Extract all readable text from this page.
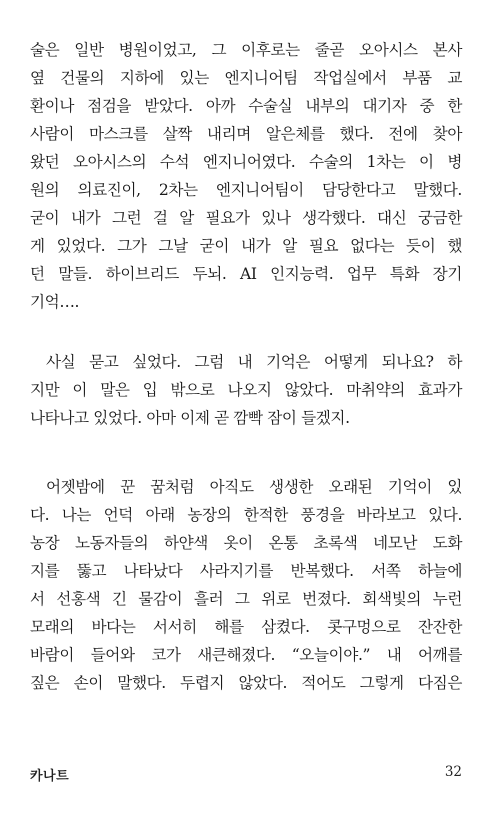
술은 일반 병원이었고, 그 이후로는 줄곧 오아시스 본사
옆 건물의 지하에 있는 엔지니어팀 작업실에서 부품 교
환이나 점검을 받았다. 아까 수술실 내부의 대기자 중 한
사람이 마스크를 살짝 내리며 알은체를 했다. 전에 찾아
왔던 오아시스의 수석 엔지니어였다. 수술의 1차는 이 병
원의 의료진이, 2차는 엔지니어팀이 담당한다고 말했다.
굳이 내가 그런 걸 알 필요가 있나 생각했다. 대신 궁금한
게 있었다. 그가 그날 굳이 내가 알 필요 없다는 듯이 했
던 말들. 하이브리드 두뇌. AI 인지능력. 업무 특화 장기
기억….
사실 묻고 싶었다. 그럼 내 기억은 어떻게 되나요? 하
지만 이 말은 입 밖으로 나오지 않았다. 마취약의 효과가
나타나고 있었다. 아마 이제 곧 깜빡 잠이 들겠지.
어젯밤에 꾼 꿈처럼 아직도 생생한 오래된 기억이 있
다. 나는 언덕 아래 농장의 한적한 풍경을 바라보고 있다.
농장 노동자들의 하얀색 옷이 온통 초록색 네모난 도화
지를 뚫고 나타났다 사라지기를 반복했다. 서쪽 하늘에
서 선홍색 긴 물감이 흘러 그 위로 번졌다. 회색빛의 누런
모래의 바다는 서서히 해를 삼켰다. 콧구멍으로 잔잔한
바람이 들어와 코가 새큰해졌다. “오늘이야.” 내 어깨를
짚은 손이 말했다. 두렵지 않았다. 적어도 그렇게 다짐은
카나트	32
